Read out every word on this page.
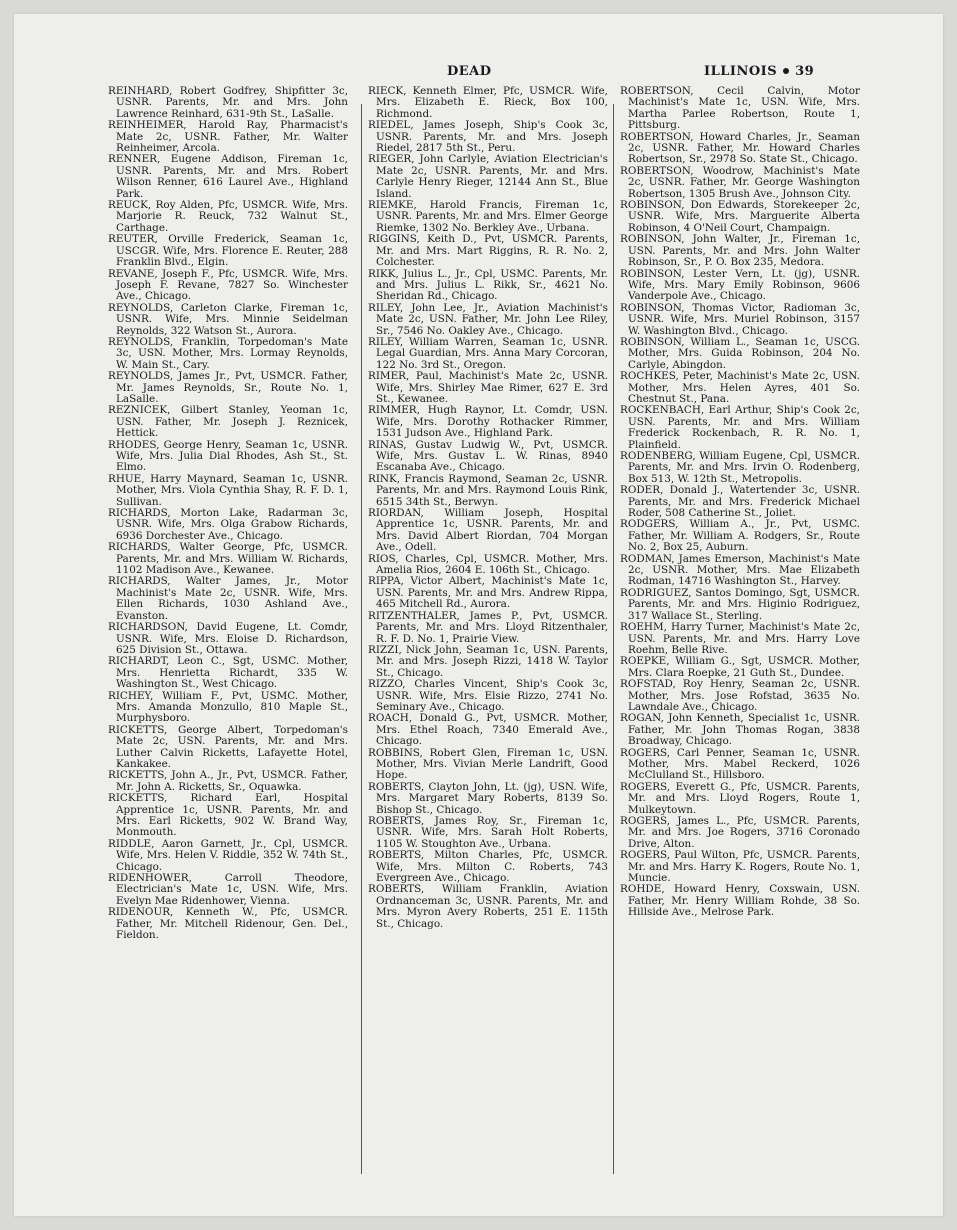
DEAD	ILLINOIS 39

REINHARD, Robert Godfrey, Shipfitter 3c, USNR. Parents, Mr. and Mrs. John Lawrence Reinhard, 631-9th St., LaSalle.

REINHEIMER, Harold Ray, Pharmacist's Mate 2c, USNR. Father, Mr. Walter Reinheimer, Arcola.

RENNER, Eugene Addison, Fireman 1c, USNR. Parents, Mr. and Mrs. Robert Wilson Renner, 616 Laurel Ave., Highland Park.

REUCK, Roy Alden, Pfc, USMCR. Wife, Mrs. Marjorie R. Reuck, 732 Walnut St., Carthage.

REUTER, Orville Frederick, Seaman 1c, USCGR. Wife, Mrs. Florence E. Reuter, 288 Franklin Blvd., Elgin.

REVANE, Joseph F., Pfc, USMCR. Wife, Mrs. Joseph F. Revane, 7827 So. Winchester Ave., Chicago.

REYNOLDS, Carleton Clarke, Fireman 1c, USNR. Wife, Mrs. Minnie Seidelman Reynolds, 322 Watson St., Aurora.

REYNOLDS, Franklin, Torpedoman's Mate 3c, USN. Mother, Mrs. Lormay Reynolds, W. Main St., Cary.

REYNOLDS, James Jr., Pvt, USMCR. Father, Mr. James Reynolds, Sr., Route No. 1, LaSalle.

REZNICEK, Gilbert Stanley, Yeoman 1c, USN. Father, Mr. Joseph J. Reznicek, Hettick.

RHODES, George Henry, Seaman 1c, USNR. Wife, Mrs. Julia Dial Rhodes, Ash St., St. Elmo.

RHUE, Harry Maynard, Seaman 1c, USNR. Mother, Mrs. Viola Cynthia Shay, R. F. D. 1, Sullivan.

RICHARDS, Morton Lake, Radarman 3c, USNR. Wife, Mrs. Olga Grabow Richards, 6936 Dorchester Ave., Chicago.

RICHARDS, Walter George, Pfc, USMCR. Parents, Mr. and Mrs. William W. Richards, 1102 Madison Ave., Kewanee.

RICHARDS, Walter James, Jr., Motor Machinist's Mate 2c, USNR. Wife, Mrs. Ellen Richards, 1030 Ashland Ave., Evanston.

RICHARDSON, David Eugene, Lt. Comdr, USNR. Wife, Mrs. Eloise D. Richardson, 625 Division St., Ottawa.

RICHARDT, Leon C., Sgt, USMC. Mother, Mrs. Henrietta Richardt, 335 W. Washington St., West Chicago.

RICHEY, William F., Pvt, USMC. Mother, Mrs. Amanda Monzullo, 810 Maple St., Murphysboro.

RICKETTS, George Albert, Torpedoman's Mate 2c, USN. Parents, Mr. and Mrs. Luther Calvin Ricketts, Lafayette Hotel, Kankakee.

RICKETTS, John A., Jr., Pvt, USMCR. Father, Mr. John A. Ricketts, Sr., Oquawka.

RICKETTS, Richard Earl, Hospital Apprentice 1c, USNR. Parents, Mr. and Mrs. Earl Ricketts, 902 W. Brand Way, Monmouth.

RIDDLE, Aaron Garnett, Jr., Cpl, USMCR. Wife, Mrs. Helen V. Riddle, 352 W. 74th St., Chicago.

RIDENHOWER, Carroll Theodore, Electrician's Mate 1c, USN. Wife, Mrs. Evelyn Mae Ridenhower, Vienna.

RIDENOUR, Kenneth W., Pfc, USMCR. Father, Mr. Mitchell Ridenour, Gen. Del., Fieldon.

RIECK, Kenneth Elmer, Pfc, USMCR. Wife, Mrs. Elizabeth E. Rieck, Box 100, Richmond.

RIEDEL, James Joseph, Ship's Cook 3c, USNR. Parents, Mr. and Mrs. Joseph Riedel, 2817 5th St., Peru.

RIEGER, John Carlyle, Aviation Electrician's Mate 2c, USNR. Parents, Mr. and Mrs. Carlyle Henry Rieger, 12144 Ann St., Blue Island.

RIEMKE, Harold Francis, Fireman 1c, USNR. Parents, Mr. and Mrs. Elmer George Riemke, 1302 No. Berkley Ave., Urbana.

RIGGINS, Keith D., Pvt, USMCR. Parents, Mr. and Mrs. Mart Riggins, R. R. No. 2, Colchester.

RIKK, Julius L., Jr., Cpl, USMC. Parents, Mr. and Mrs. Julius L. Rikk, Sr., 4621 No. Sheridan Rd., Chicago.

RILEY, John Lee, Jr., Aviation Machinist's Mate 2c, USN. Father, Mr. John Lee Riley, Sr., 7546 No. Oakley Ave., Chicago.

RILEY, William Warren, Seaman 1c, USNR. Legal Guardian, Mrs. Anna Mary Corcoran, 122 No. 3rd St., Oregon.

RIMER, Paul, Machinist's Mate 2c, USNR. Wife, Mrs. Shirley Mae Rimer, 627 E. 3rd St., Kewanee.

RIMMER, Hugh Raynor, Lt. Comdr, USN. Wife, Mrs. Dorothy Rothacker Rimmer, 1531 Judson Ave., Highland Park.

RINAS, Gustav Ludwig W., Pvt, USMCR. Wife, Mrs. Gustav L. W. Rinas, 8940 Escanaba Ave., Chicago.

RINK, Francis Raymond, Seaman 2c, USNR. Parents, Mr. and Mrs. Raymond Louis Rink, 6515 34th St., Berwyn.

RIORDAN, William Joseph, Hospital Apprentice 1c, USNR. Parents, Mr. and Mrs. David Albert Riordan, 704 Morgan Ave., Odell.

RIOS, Charles, Cpl, USMCR. Mother, Mrs. Amelia Rios, 2604 E. 106th St., Chicago.

RIPPA, Victor Albert, Machinist's Mate 1c, USN. Parents, Mr. and Mrs. Andrew Rippa, 465 Mitchell Rd., Aurora.

RITZENTHALER, James P., Pvt, USMCR. Parents, Mr. and Mrs. Lloyd Ritzenthaler, R. F. D. No. 1, Prairie View.

RIZZI, Nick John, Seaman 1c, USN. Parents, Mr. and Mrs. Joseph Rizzi, 1418 W. Taylor St., Chicago.

RIZZO, Charles Vincent, Ship's Cook 3c, USNR. Wife, Mrs. Elsie Rizzo, 2741 No. Seminary Ave., Chicago.

ROACH, Donald G., Pvt, USMCR. Mother, Mrs. Ethel Roach, 7340 Emerald Ave., Chicago.

ROBBINS, Robert Glen, Fireman 1c, USN. Mother, Mrs. Vivian Merle Landrift, Good Hope.

ROBERTS, Clayton John, Lt. (jg), USN. Wife, Mrs. Margaret Mary Roberts, 8139 So. Bishop St., Chicago.

ROBERTS, James Roy, Sr., Fireman 1c, USNR. Wife, Mrs. Sarah Holt Roberts, 1105 W. Stoughton Ave., Urbana.

ROBERTS, Milton Charles, Pfc, USMCR. Wife, Mrs. Milton C. Roberts, 743 Evergreen Ave., Chicago.

ROBERTS, William Franklin, Aviation Ordnanceman 3c, USNR. Parents, Mr. and Mrs. Myron Avery Roberts, 251 E. 115th St., Chicago.

ROBERTSON, Cecil Calvin, Motor Machinist's Mate 1c, USN. Wife, Mrs. Martha Parlee Robertson, Route 1, Pittsburg.

ROBERTSON, Howard Charles, Jr., Seaman 2c, USNR. Father, Mr. Howard Charles Robertson, Sr., 2978 So. State St., Chicago.

ROBERTSON, Woodrow, Machinist's Mate 2c, USNR. Father, Mr. George Washington Robertson, 1305 Brush Ave., Johnson City.

ROBINSON, Don Edwards, Storekeeper 2c, USNR. Wife, Mrs. Marguerite Alberta Robinson, 4 O'Neil Court, Champaign.

ROBINSON, John Walter, Jr., Fireman 1c, USN. Parents, Mr. and Mrs. John Walter Robinson, Sr., P. O. Box 235, Medora.

ROBINSON, Lester Vern, Lt. (jg), USNR. Wife, Mrs. Mary Emily Robinson, 9606 Vanderpole Ave., Chicago.

ROBINSON, Thomas Victor, Radioman 3c, USNR. Wife, Mrs. Muriel Robinson, 3157 W. Washington Blvd., Chicago.

ROBINSON, William L., Seaman 1c, USCG. Mother, Mrs. Guida Robinson, 204 No. Carlyle, Abingdon.

ROCHKES, Peter, Machinist's Mate 2c, USN. Mother, Mrs. Helen Ayres, 401 So. Chestnut St., Pana.

ROCKENBACH, Earl Arthur, Ship's Cook 2c, USN. Parents, Mr. and Mrs. William Frederick Rockenbach, R. R. No. 1, Plainfield.

RODENBERG, William Eugene, Cpl, USMCR. Parents, Mr. and Mrs. Irvin O. Rodenberg, Box 513, W. 12th St., Metropolis.

RODER, Donald J., Watertender 3c, USNR. Parents, Mr. and Mrs. Frederick Michael Roder, 508 Catherine St., Joliet.

RODGERS, William A., Jr., Pvt, USMC. Father, Mr. William A. Rodgers, Sr., Route No. 2, Box 25, Auburn.

RODMAN, James Emerson, Machinist's Mate 2c, USNR. Mother, Mrs. Mae Elizabeth Rodman, 14716 Washington St., Harvey.

RODRIGUEZ, Santos Domingo, Sgt, USMCR. Parents, Mr. and Mrs. Higinio Rodriguez, 317 Wallace St., Sterling.

ROEHM, Harry Turner, Machinist's Mate 2c, USN. Parents, Mr. and Mrs. Harry Love Roehm, Belle Rive.

ROEPKE, William G., Sgt, USMCR. Mother, Mrs. Clara Roepke, 21 Guth St., Dundee.

ROFSTAD, Roy Henry, Seaman 2c, USNR. Mother, Mrs. Jose Rofstad, 3635 No. Lawndale Ave., Chicago.

ROGAN, John Kenneth, Specialist 1c, USNR. Father, Mr. John Thomas Rogan, 3838 Broadway, Chicago.

ROGERS, Carl Penner, Seaman 1c, USNR. Mother, Mrs. Mabel Reckerd, 1026 McClulland St., Hillsboro.

ROGERS, Everett G., Pfc, USMCR. Parents, Mr. and Mrs. Lloyd Rogers, Route 1, Mulkeytown.

ROGERS, James L., Pfc, USMCR. Parents, Mr. and Mrs. Joe Rogers, 3716 Coronado Drive, Alton.

ROGERS, Paul Wilton, Pfc, USMCR. Parents, Mr. and Mrs. Harry K. Rogers, Route No. 1, Muncie.

ROHDE, Howard Henry, Coxswain, USN. Father, Mr. Henry William Rohde, 38 So. Hillside Ave., Melrose Park.
